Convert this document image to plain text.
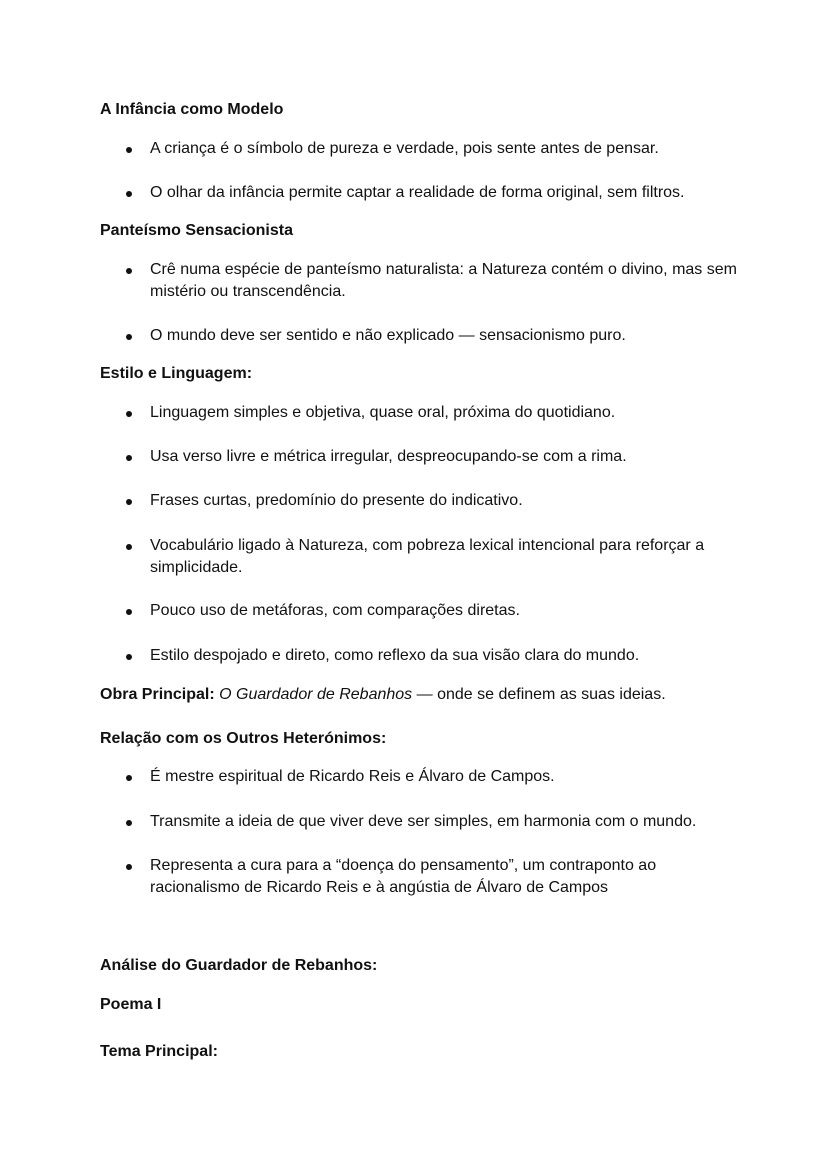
A Infância como Modelo
A criança é o símbolo de pureza e verdade, pois sente antes de pensar.
O olhar da infância permite captar a realidade de forma original, sem filtros.
Panteísmo Sensacionista
Crê numa espécie de panteísmo naturalista: a Natureza contém o divino, mas sem mistério ou transcendência.
O mundo deve ser sentido e não explicado — sensacionismo puro.
Estilo e Linguagem:
Linguagem simples e objetiva, quase oral, próxima do quotidiano.
Usa verso livre e métrica irregular, despreocupando-se com a rima.
Frases curtas, predomínio do presente do indicativo.
Vocabulário ligado à Natureza, com pobreza lexical intencional para reforçar a simplicidade.
Pouco uso de metáforas, com comparações diretas.
Estilo despojado e direto, como reflexo da sua visão clara do mundo.
Obra Principal: O Guardador de Rebanhos — onde se definem as suas ideias.
Relação com os Outros Heterónimos:
É mestre espiritual de Ricardo Reis e Álvaro de Campos.
Transmite a ideia de que viver deve ser simples, em harmonia com o mundo.
Representa a cura para a “doença do pensamento”, um contraponto ao racionalismo de Ricardo Reis e à angústia de Álvaro de Campos
Análise do Guardador de Rebanhos:
Poema I
Tema Principal:
